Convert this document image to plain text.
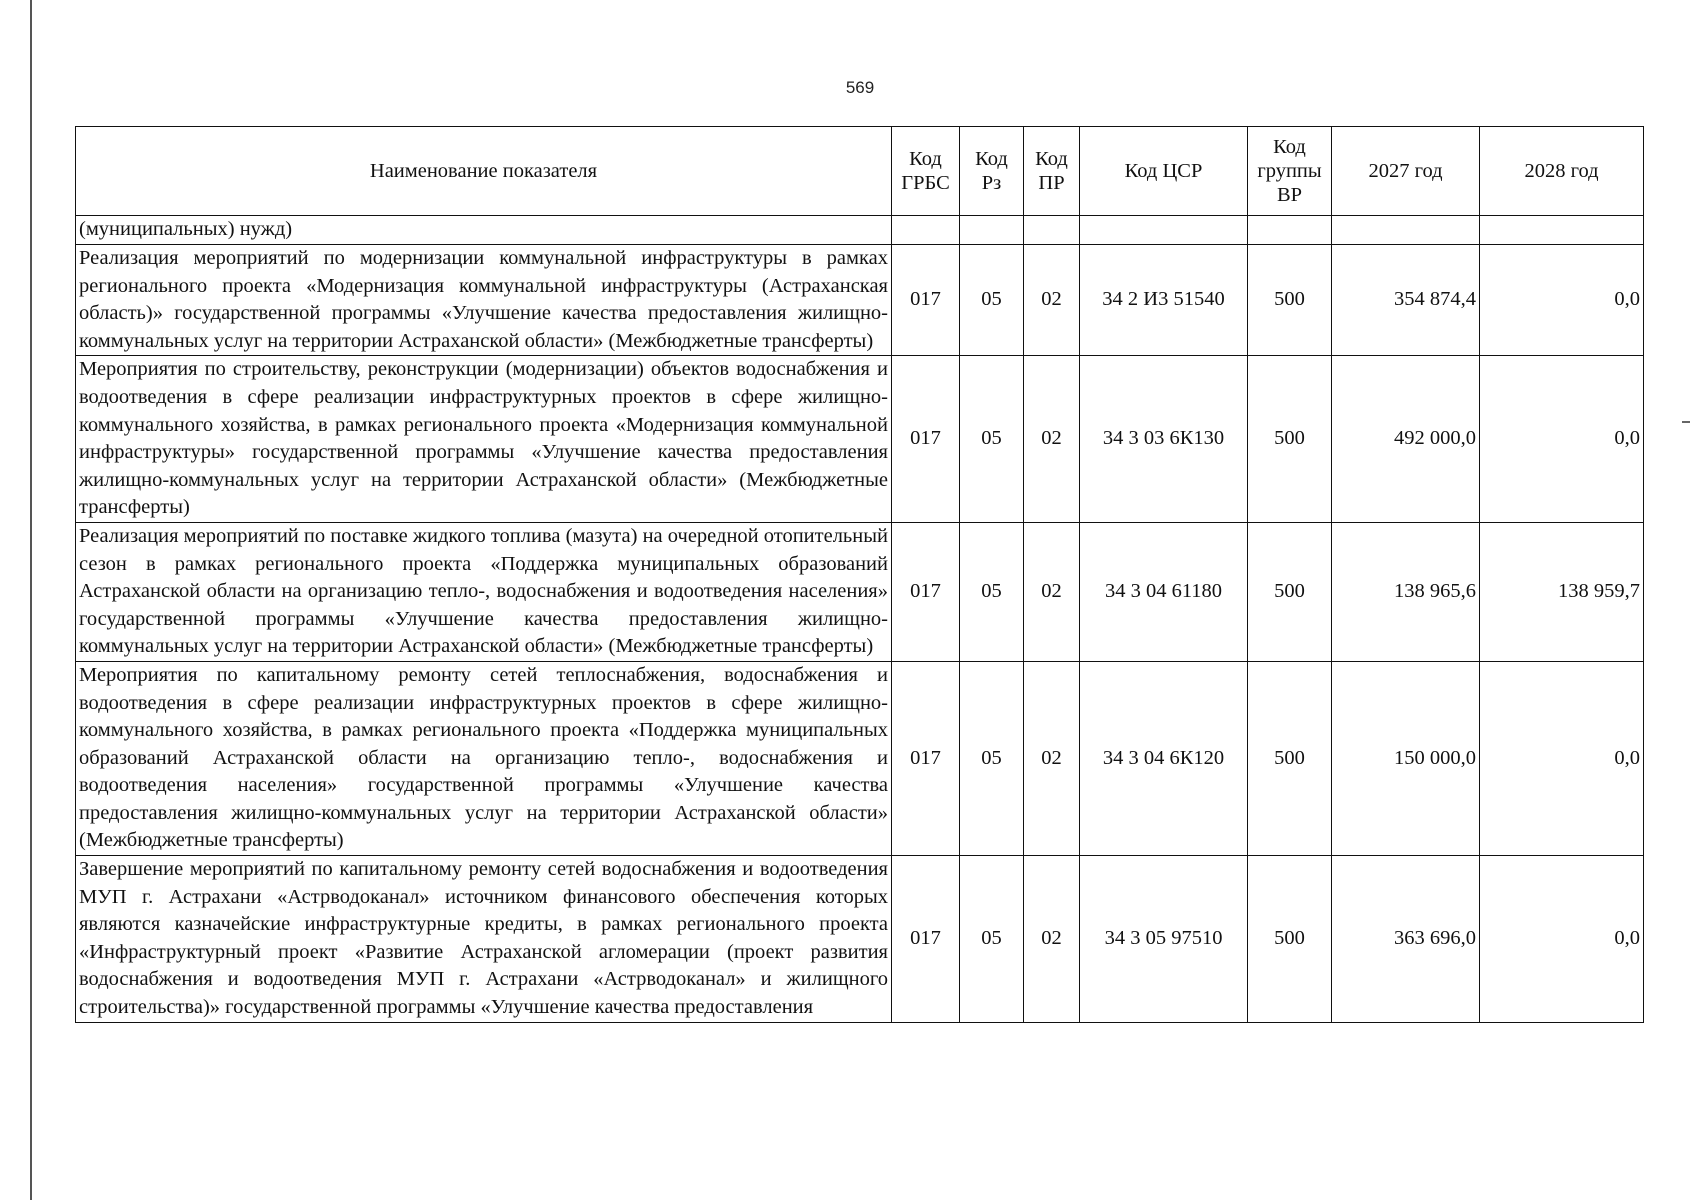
569
Наименование показателя	Код ГРБС	Код Рз	Код ПР	Код ЦСР	Код группы ВР	2027 год	2028 год
(муниципальных) нужд)							
Реализация мероприятий по модернизации коммунальной инфраструктуры в рамках регионального проекта «Модернизация коммунальной инфраструктуры (Астраханская область)» государственной программы «Улучшение качества предоставления жилищно-коммунальных услуг на территории Астраханской области» (Межбюджетные трансферты)	017	05	02	34 2 И3 51540	500	354 874,4	0,0
Мероприятия по строительству, реконструкции (модернизации) объектов водоснабжения и водоотведения в сфере реализации инфраструктурных проектов в сфере жилищно-коммунального хозяйства, в рамках регионального проекта «Модернизация коммунальной инфраструктуры» государственной программы «Улучшение качества предоставления жилищно-коммунальных услуг на территории Астраханской области» (Межбюджетные трансферты)	017	05	02	34 3 03 6К130	500	492 000,0	0,0
Реализация мероприятий по поставке жидкого топлива (мазута) на очередной отопительный сезон в рамках регионального проекта «Поддержка муниципальных образований Астраханской области на организацию тепло-, водоснабжения и водоотведения населения» государственной программы «Улучшение качества предоставления жилищно-коммунальных услуг на территории Астраханской области» (Межбюджетные трансферты)	017	05	02	34 3 04 61180	500	138 965,6	138 959,7
Мероприятия по капитальному ремонту сетей теплоснабжения, водоснабжения и водоотведения в сфере реализации инфраструктурных проектов в сфере жилищно-коммунального хозяйства, в рамках регионального проекта «Поддержка муниципальных образований Астраханской области на организацию тепло-, водоснабжения и водоотведения населения» государственной программы «Улучшение качества предоставления жилищно-коммунальных услуг на территории Астраханской области» (Межбюджетные трансферты)	017	05	02	34 3 04 6К120	500	150 000,0	0,0
Завершение мероприятий по капитальному ремонту сетей водоснабжения и водоотведения МУП г. Астрахани «Астрводоканал» источником финансового обеспечения которых являются казначейские инфраструктурные кредиты, в рамках регионального проекта «Инфраструктурный проект «Развитие Астраханской агломерации (проект развития водоснабжения и водоотведения МУП г. Астрахани «Астрводоканал» и жилищного строительства)» государственной программы «Улучшение качества предоставления	017	05	02	34 3 05 97510	500	363 696,0	0,0
